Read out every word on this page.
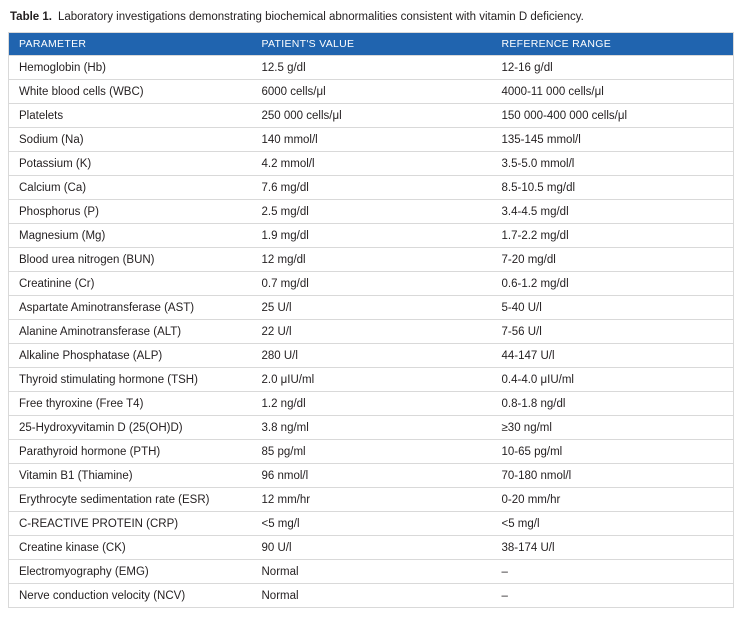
Table 1. Laboratory investigations demonstrating biochemical abnormalities consistent with vitamin D deficiency.
PARAMETER	PATIENT'S VALUE	REFERENCE RANGE
Hemoglobin (Hb)	12.5 g/dl	12-16 g/dl
White blood cells (WBC)	6000 cells/μl	4000-11 000 cells/μl
Platelets	250 000 cells/μl	150 000-400 000 cells/μl
Sodium (Na)	140 mmol/l	135-145 mmol/l
Potassium (K)	4.2 mmol/l	3.5-5.0 mmol/l
Calcium (Ca)	7.6 mg/dl	8.5-10.5 mg/dl
Phosphorus (P)	2.5 mg/dl	3.4-4.5 mg/dl
Magnesium (Mg)	1.9 mg/dl	1.7-2.2 mg/dl
Blood urea nitrogen (BUN)	12 mg/dl	7-20 mg/dl
Creatinine (Cr)	0.7 mg/dl	0.6-1.2 mg/dl
Aspartate Aminotransferase (AST)	25 U/l	5-40 U/l
Alanine Aminotransferase (ALT)	22 U/l	7-56 U/l
Alkaline Phosphatase (ALP)	280 U/l	44-147 U/l
Thyroid stimulating hormone (TSH)	2.0 μIU/ml	0.4-4.0 μIU/ml
Free thyroxine (Free T4)	1.2 ng/dl	0.8-1.8 ng/dl
25-Hydroxyvitamin D (25(OH)D)	3.8 ng/ml	≥30 ng/ml
Parathyroid hormone (PTH)	85 pg/ml	10-65 pg/ml
Vitamin B1 (Thiamine)	96 nmol/l	70-180 nmol/l
Erythrocyte sedimentation rate (ESR)	12 mm/hr	0-20 mm/hr
C-REACTIVE PROTEIN (CRP)	<5 mg/l	<5 mg/l
Creatine kinase (CK)	90 U/l	38-174 U/l
Electromyography (EMG)	Normal	–
Nerve conduction velocity (NCV)	Normal	–
